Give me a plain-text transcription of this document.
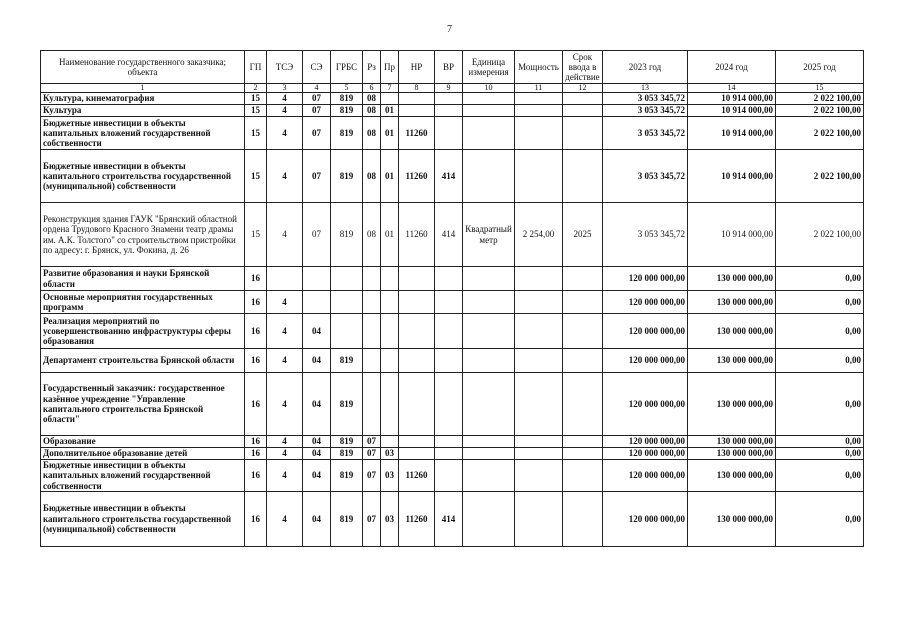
7
Наименование государственного заказчика; объекта	ГП	ТСЭ	СЭ	ГРБС	Рз	Пр	НР	ВР	Единица измерения	Мощность	Срок ввода в действие	2023 год	2024 год	2025 год
1	2	3	4	5	6	7	8	9	10	11	12	13	14	15
Культура, кинематография	15	4	07	819	08							3 053 345,72	10 914 000,00	2 022 100,00
Культура	15	4	07	819	08	01						3 053 345,72	10 914 000,00	2 022 100,00
Бюджетные инвестиции в объекты капитальных вложений государственной собственности	15	4	07	819	08	01	11260					3 053 345,72	10 914 000,00	2 022 100,00
Бюджетные инвестиции в объекты капитального строительства государственной (муниципальной) собственности	15	4	07	819	08	01	11260	414				3 053 345,72	10 914 000,00	2 022 100,00
Реконструкция здания ГАУК "Брянский областной ордена Трудового Красного Знамени театр драмы им. А.К. Толстого" со строительством пристройки по адресу: г. Брянск, ул. Фокина, д. 26	15	4	07	819	08	01	11260	414	Квадратный метр	2 254,00	2025	3 053 345,72	10 914 000,00	2 022 100,00
Развитие образования и науки Брянской области	16											120 000 000,00	130 000 000,00	0,00
Основные мероприятия государственных программ	16	4										120 000 000,00	130 000 000,00	0,00
Реализация мероприятий по усовершенствованию инфраструктуры сферы образования	16	4	04									120 000 000,00	130 000 000,00	0,00
Департамент строительства Брянской области	16	4	04	819								120 000 000,00	130 000 000,00	0,00
Государственный заказчик: государственное казённое учреждение "Управление капитального строительства Брянской области"	16	4	04	819								120 000 000,00	130 000 000,00	0,00
Образование	16	4	04	819	07							120 000 000,00	130 000 000,00	0,00
Дополнительное образование детей	16	4	04	819	07	03						120 000 000,00	130 000 000,00	0,00
Бюджетные инвестиции в объекты капитальных вложений государственной собственности	16	4	04	819	07	03	11260					120 000 000,00	130 000 000,00	0,00
Бюджетные инвестиции в объекты капитального строительства государственной (муниципальной) собственности	16	4	04	819	07	03	11260	414				120 000 000,00	130 000 000,00	0,00
